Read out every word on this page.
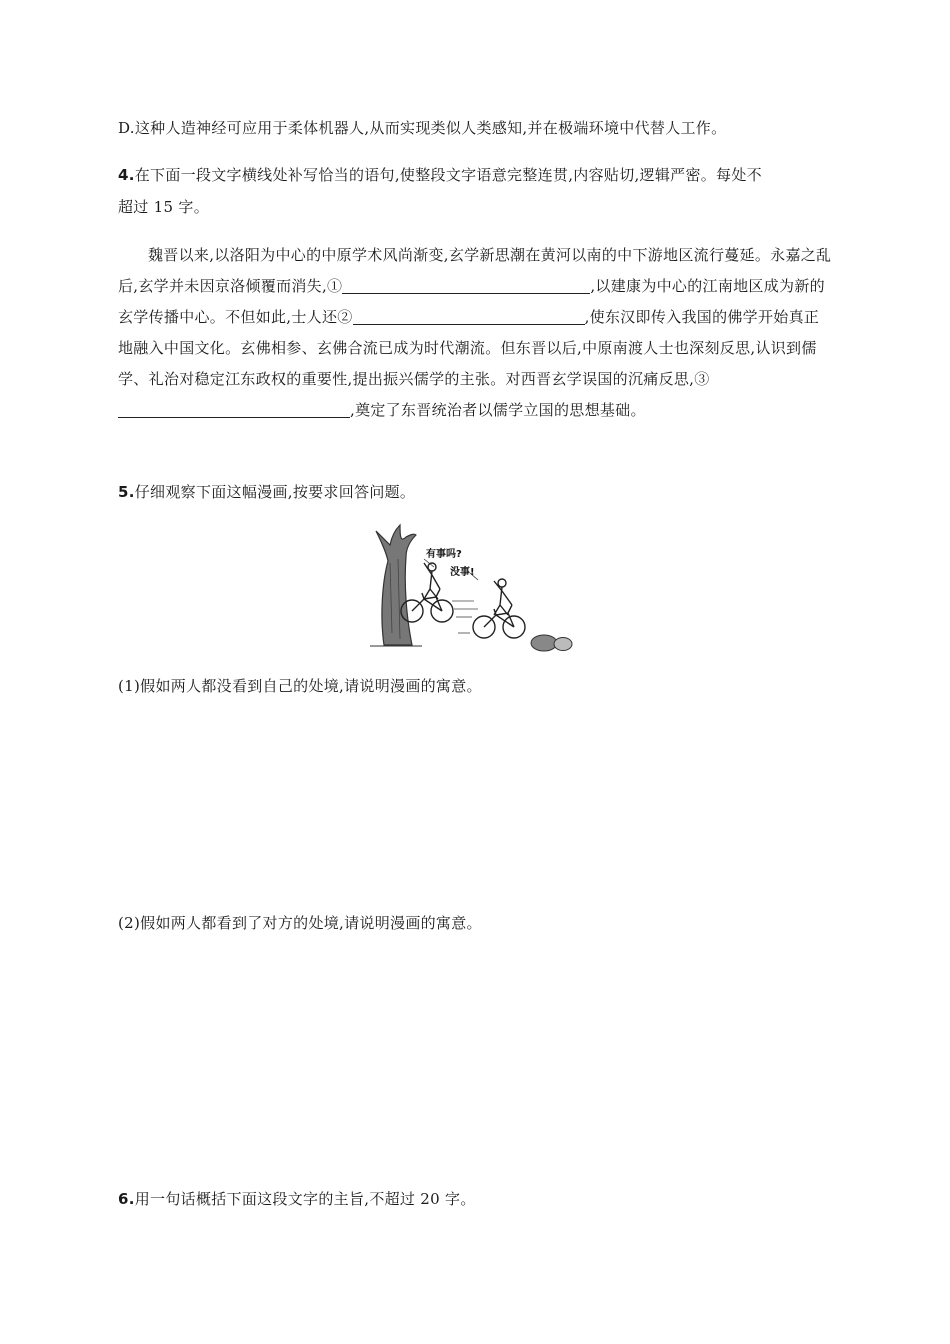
D.这种人造神经可应用于柔体机器人,从而实现类似人类感知,并在极端环境中代替人工作。
4.在下面一段文字横线处补写恰当的语句,使整段文字语意完整连贯,内容贴切,逻辑严密。每处不
超过 15 字。
魏晋以来,以洛阳为中心的中原学术风尚渐变,玄学新思潮在黄河以南的中下游地区流行蔓延。永嘉之乱后,玄学并未因京洛倾覆而消失,①	,以建康为中心的江南地区成为新的玄学传播中心。不但如此,士人还②	,使东汉即传入我国的佛学开始真正地融入中国文化。玄佛相参、玄佛合流已成为时代潮流。但东晋以后,中原南渡人士也深刻反思,认识到儒学、礼治对稳定江东政权的重要性,提出振兴儒学的主张。对西晋玄学误国的沉痛反思,③,奠定了东晋统治者以儒学立国的思想基础。
5.仔细观察下面这幅漫画,按要求回答问题。
有事吗?
没事!
(1)假如两人都没看到自己的处境,请说明漫画的寓意。
(2)假如两人都看到了对方的处境,请说明漫画的寓意。
6.用一句话概括下面这段文字的主旨,不超过 20 字。
